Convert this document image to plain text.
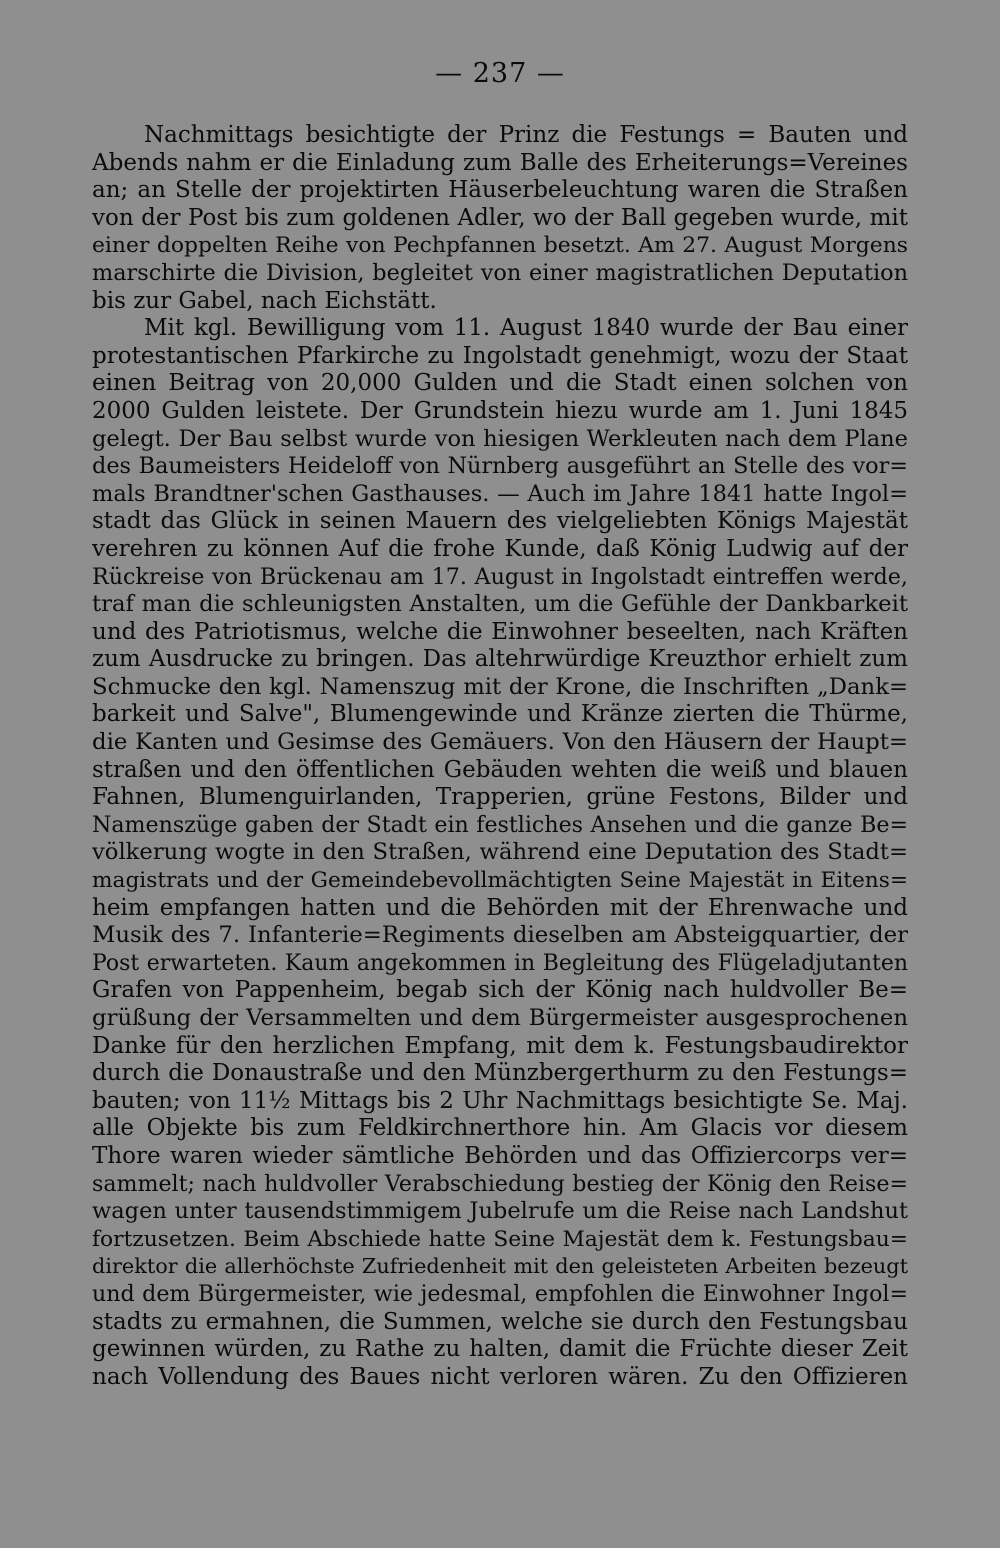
— 237 —
Nachmittags besichtigte der Prinz die Festungs = Bauten und
Abends nahm er die Einladung zum Balle des Erheiterungs=Vereines
an; an Stelle der projektirten Häuserbeleuchtung waren die Straßen
von der Post bis zum goldenen Adler, wo der Ball gegeben wurde, mit
einer doppelten Reihe von Pechpfannen besetzt. Am 27. August Morgens
marschirte die Division, begleitet von einer magistratlichen Deputation
bis zur Gabel, nach Eichstätt.
Mit kgl. Bewilligung vom 11. August 1840 wurde der Bau einer
protestantischen Pfarkirche zu Ingolstadt genehmigt, wozu der Staat
einen Beitrag von 20,000 Gulden und die Stadt einen solchen von
2000 Gulden leistete. Der Grundstein hiezu wurde am 1. Juni 1845
gelegt. Der Bau selbst wurde von hiesigen Werkleuten nach dem Plane
des Baumeisters Heideloff von Nürnberg ausgeführt an Stelle des vor=
mals Brandtner'schen Gasthauses. — Auch im Jahre 1841 hatte Ingol=
stadt das Glück in seinen Mauern des vielgeliebten Königs Majestät
verehren zu können Auf die frohe Kunde, daß König Ludwig auf der
Rückreise von Brückenau am 17. August in Ingolstadt eintreffen werde,
traf man die schleunigsten Anstalten, um die Gefühle der Dankbarkeit
und des Patriotismus, welche die Einwohner beseelten, nach Kräften
zum Ausdrucke zu bringen. Das altehrwürdige Kreuzthor erhielt zum
Schmucke den kgl. Namenszug mit der Krone, die Inschriften „Dank=
barkeit und Salve", Blumengewinde und Kränze zierten die Thürme,
die Kanten und Gesimse des Gemäuers. Von den Häusern der Haupt=
straßen und den öffentlichen Gebäuden wehten die weiß und blauen
Fahnen, Blumenguirlanden, Trapperien, grüne Festons, Bilder und
Namenszüge gaben der Stadt ein festliches Ansehen und die ganze Be=
völkerung wogte in den Straßen, während eine Deputation des Stadt=
magistrats und der Gemeindebevollmächtigten Seine Majestät in Eitens=
heim empfangen hatten und die Behörden mit der Ehrenwache und
Musik des 7. Infanterie=Regiments dieselben am Absteigquartier, der
Post erwarteten. Kaum angekommen in Begleitung des Flügeladjutanten
Grafen von Pappenheim, begab sich der König nach huldvoller Be=
grüßung der Versammelten und dem Bürgermeister ausgesprochenen
Danke für den herzlichen Empfang, mit dem k. Festungsbaudirektor
durch die Donaustraße und den Münzbergerthurm zu den Festungs=
bauten; von 11½ Mittags bis 2 Uhr Nachmittags besichtigte Se. Maj.
alle Objekte bis zum Feldkirchnerthore hin. Am Glacis vor diesem
Thore waren wieder sämtliche Behörden und das Offiziercorps ver=
sammelt; nach huldvoller Verabschiedung bestieg der König den Reise=
wagen unter tausendstimmigem Jubelrufe um die Reise nach Landshut
fortzusetzen. Beim Abschiede hatte Seine Majestät dem k. Festungsbau=
direktor die allerhöchste Zufriedenheit mit den geleisteten Arbeiten bezeugt
und dem Bürgermeister, wie jedesmal, empfohlen die Einwohner Ingol=
stadts zu ermahnen, die Summen, welche sie durch den Festungsbau
gewinnen würden, zu Rathe zu halten, damit die Früchte dieser Zeit
nach Vollendung des Baues nicht verloren wären. Zu den Offizieren
